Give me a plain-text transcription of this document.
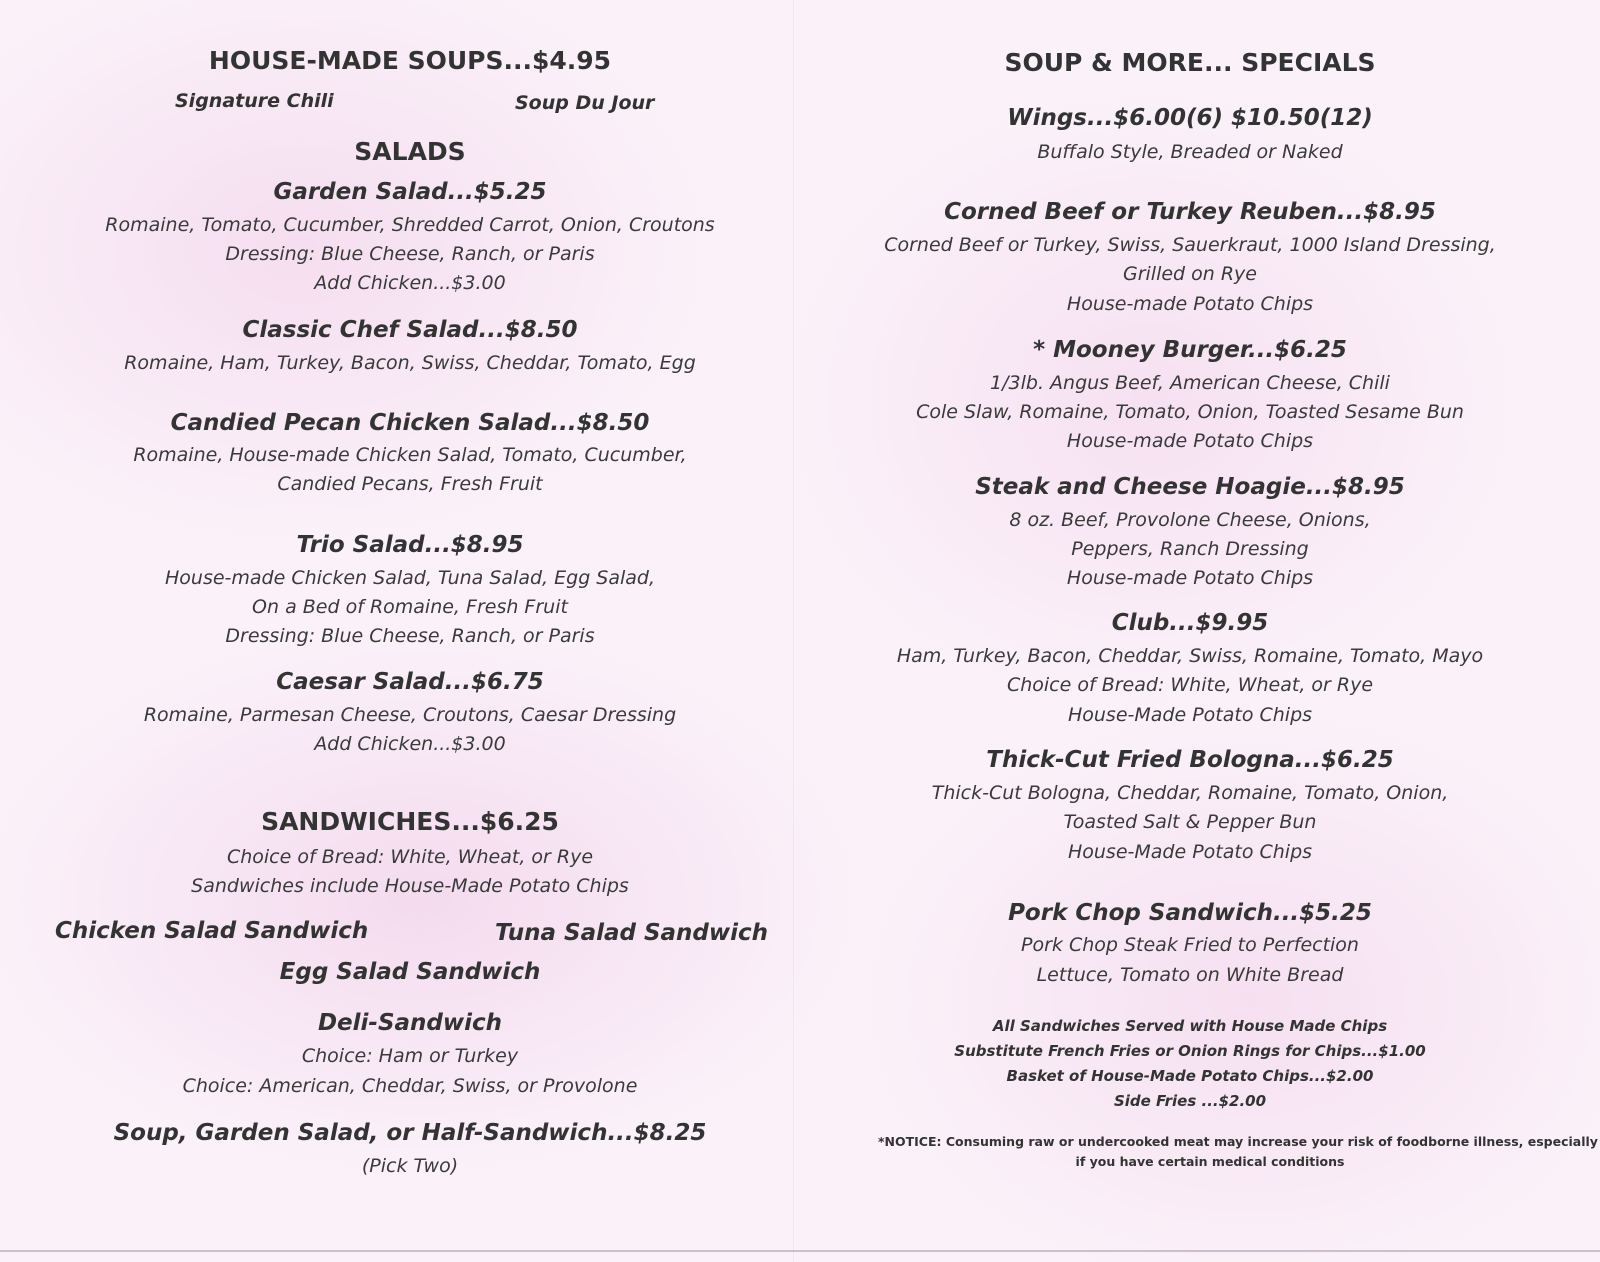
HOUSE-MADE SOUPS...$4.95
Signature Chili	Soup Du Jour
SALADS
Garden Salad...$5.25
Romaine, Tomato, Cucumber, Shredded Carrot, Onion, Croutons
Dressing: Blue Cheese, Ranch, or Paris
Add Chicken...$3.00
Classic Chef Salad...$8.50
Romaine, Ham, Turkey, Bacon, Swiss, Cheddar, Tomato, Egg
Candied Pecan Chicken Salad...$8.50
Romaine, House-made Chicken Salad, Tomato, Cucumber,
Candied Pecans, Fresh Fruit
Trio Salad...$8.95
House-made Chicken Salad, Tuna Salad, Egg Salad,
On a Bed of Romaine, Fresh Fruit
Dressing: Blue Cheese, Ranch, or Paris
Caesar Salad...$6.75
Romaine, Parmesan Cheese, Croutons, Caesar Dressing
Add Chicken...$3.00
SANDWICHES...$6.25
Choice of Bread: White, Wheat, or Rye
Sandwiches include House-Made Potato Chips
Chicken Salad Sandwich	Tuna Salad Sandwich
Egg Salad Sandwich
Deli-Sandwich
Choice: Ham or Turkey
Choice: American, Cheddar, Swiss, or Provolone
Soup, Garden Salad, or Half-Sandwich...$8.25
(Pick Two)
SOUP & MORE... SPECIALS
Wings...$6.00(6) $10.50(12)
Buffalo Style, Breaded or Naked
Corned Beef or Turkey Reuben...$8.95
Corned Beef or Turkey, Swiss, Sauerkraut, 1000 Island Dressing,
Grilled on Rye
House-made Potato Chips
* Mooney Burger...$6.25
1/3lb. Angus Beef, American Cheese, Chili
Cole Slaw, Romaine, Tomato, Onion, Toasted Sesame Bun
House-made Potato Chips
Steak and Cheese Hoagie...$8.95
8 oz. Beef, Provolone Cheese, Onions,
Peppers, Ranch Dressing
House-made Potato Chips
Club...$9.95
Ham, Turkey, Bacon, Cheddar, Swiss, Romaine, Tomato, Mayo
Choice of Bread: White, Wheat, or Rye
House-Made Potato Chips
Thick-Cut Fried Bologna...$6.25
Thick-Cut Bologna, Cheddar, Romaine, Tomato, Onion,
Toasted Salt & Pepper Bun
House-Made Potato Chips
Pork Chop Sandwich...$5.25
Pork Chop Steak Fried to Perfection
Lettuce, Tomato on White Bread
All Sandwiches Served with House Made Chips
Substitute French Fries or Onion Rings for Chips...$1.00
Basket of House-Made Potato Chips...$2.00
Side Fries ...$2.00
*NOTICE: Consuming raw or undercooked meat may increase your risk of foodborne illness, especially
if you have certain medical conditions
